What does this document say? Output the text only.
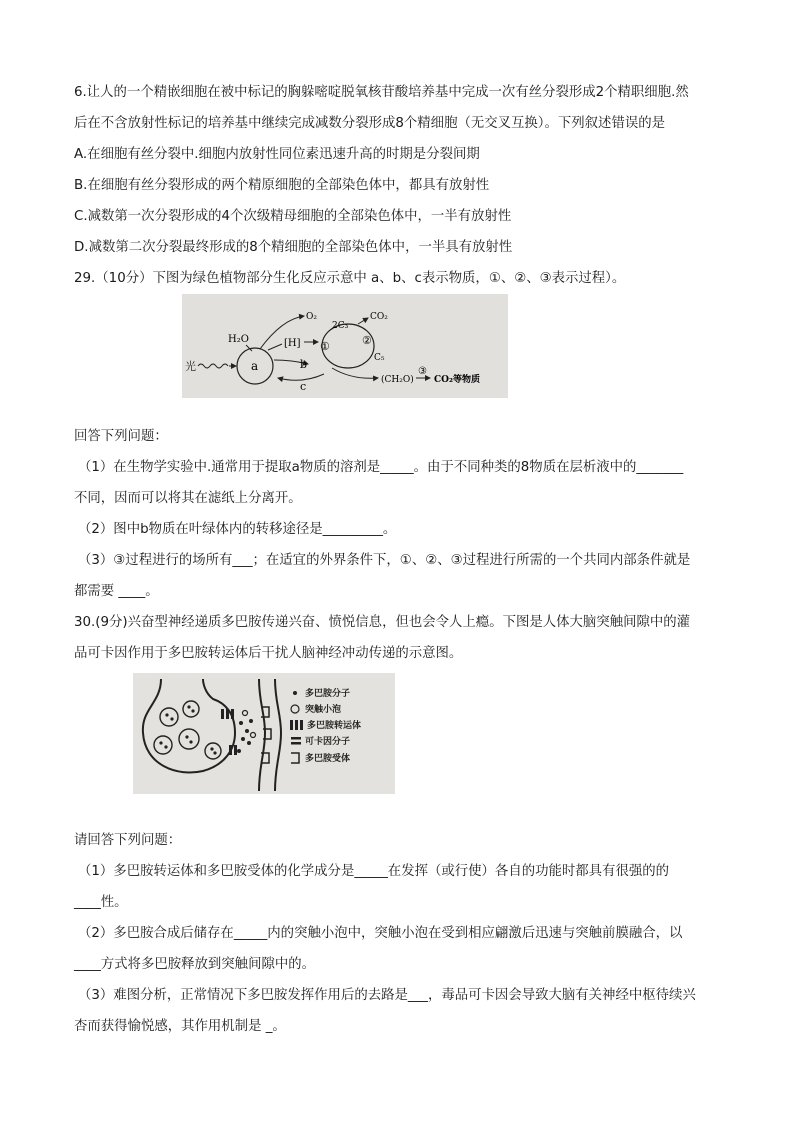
6.让人的一个精嵌细胞在被中标记的胸躲嘧啶脱氧核苷酸培养基中完成一次有丝分裂形成2个精职细胞.然
后在不含放射性标记的培养基中继续完成减数分裂形成8个精细胞（无交叉互换）。下列叙述错误的是
A.在细胞有丝分裂中.细胞内放射性同位素迅速升高的时期是分裂间期
B.在细胞有丝分裂形成的两个精原细胞的全部染色体中，都具有放射性
C.减数第一次分裂形成的4个次级精母细胞的全部染色体中，一半有放射性
D.减数第二次分裂最终形成的8个精细胞的全部染色体中，一半具有放射性
29.（10分）下图为绿色植物部分生化反应示意中 a、b、c表示物质，①、②、③表示过程）。
光	a
H₂O
O₂
[H] ①	②
2C₃
CO₂
C₅
b
c	(CH₂O)
③
CO₂等物质
回答下列问题：
（1）在生物学实验中.通常用于提取a物质的溶剂是_____。由于不同种类的8物质在层析液中的_______
不同，因而可以将其在滤纸上分离开。
（2）图中b物质在叶绿体内的转移途径是_________。
（3）③过程进行的场所有___；在适宜的外界条件下，①、②、③过程进行所需的一个共同内部条件就是
都需要 ____。
30.(9分)兴奋型神经递质多巴胺传递兴奋、愤悦信息，但也会令人上瘾。下图是人体大脑突触间隙中的灌
品可卡因作用于多巴胺转运体后干扰人脑神经冲动传递的示意图。
多巴胺分子
突触小泡
多巴胺转运体
可卡因分子
多巴胺受体
请回答下列问题：
（1）多巴胺转运体和多巴胺受体的化学成分是_____在发挥（或行使）各自的功能时都具有很强的的
____性。
（2）多巴胺合成后储存在_____内的突触小泡中，突触小泡在受到相应翩激后迅速与突触前膜融合，以
____方式将多巴胺释放到突触间隙中的。
（3）难图分析，正常情况下多巴胺发挥作用后的去路是___，毒品可卡因会导致大脑有关神经中枢待续兴
杏而获得愉悦感，其作用机制是 _。
